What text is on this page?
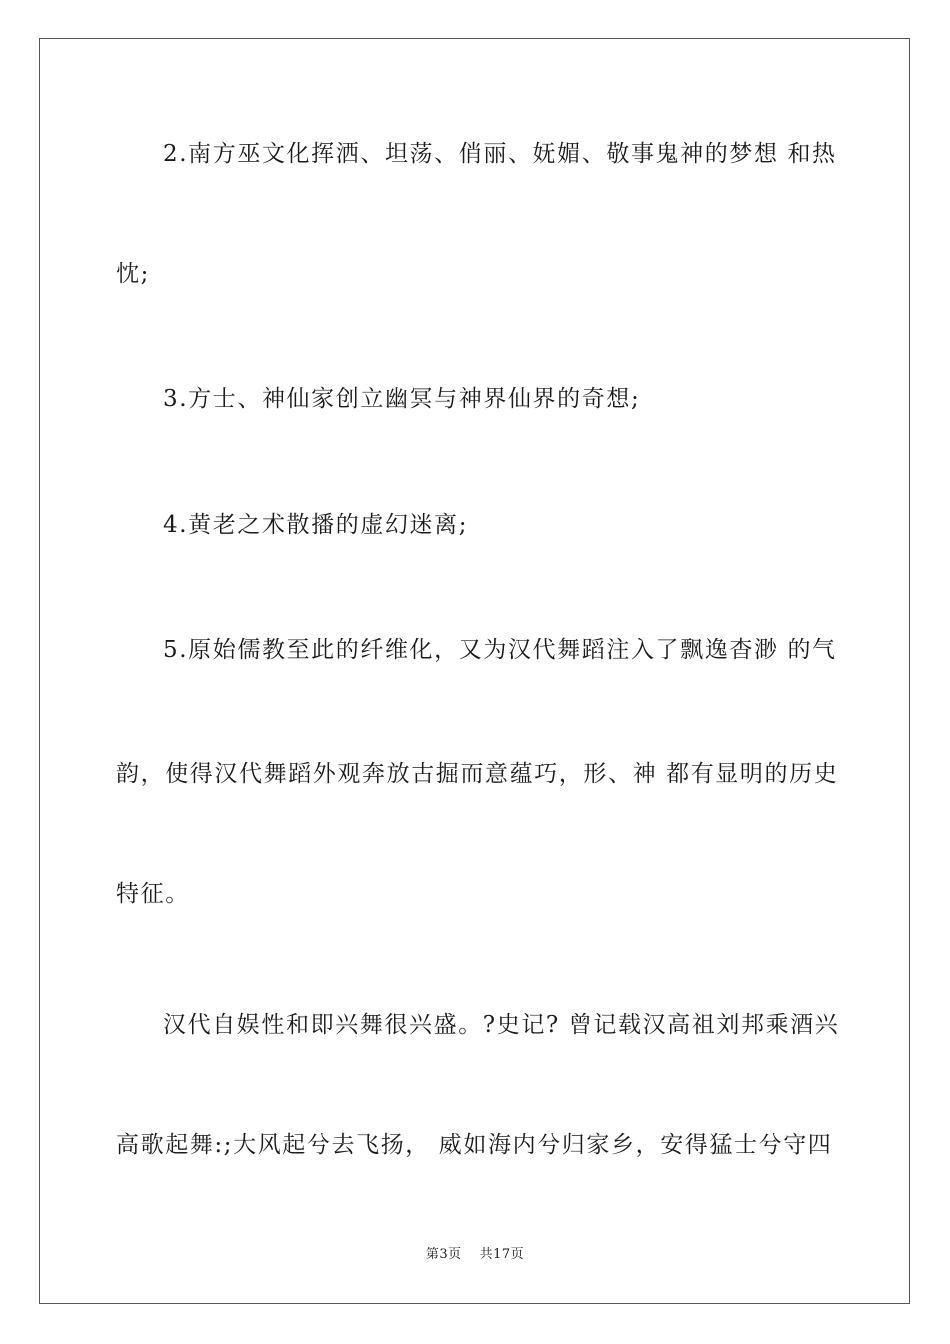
2.南方巫文化挥洒、坦荡、俏丽、妩媚、敬事鬼神的梦想 和热
忱;
3.方士、神仙家创立幽冥与神界仙界的奇想;
4.黄老之术散播的虚幻迷离;
5.原始儒教至此的纤维化，又为汉代舞蹈注入了飘逸杳渺 的气
韵，使得汉代舞蹈外观奔放古掘而意蕴巧，形、神 都有显明的历史
特征。
汉代自娱性和即兴舞很兴盛。?史记? 曾记载汉高祖刘邦乘酒兴
高歌起舞:;大风起兮去飞扬， 威如海内兮归家乡，安得猛士兮守四
第3页 共17页
